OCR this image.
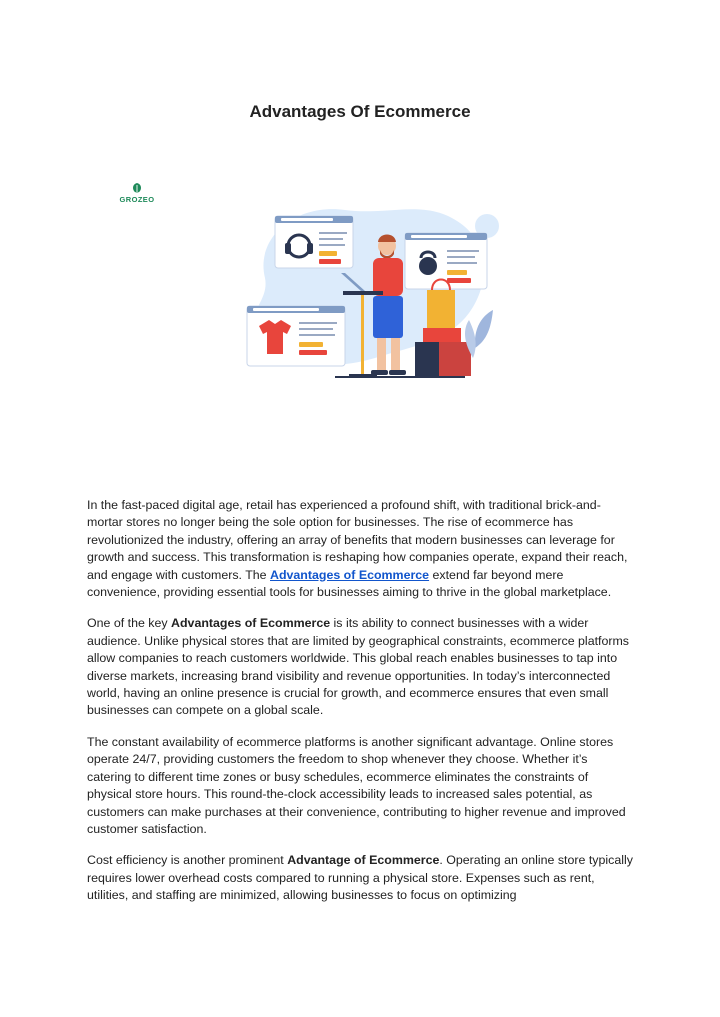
Advantages Of Ecommerce
GROZEO

In the fast-paced digital age, retail has experienced a profound shift, with traditional brick-and-mortar stores no longer being the sole option for businesses. The rise of ecommerce has revolutionized the industry, offering an array of benefits that modern businesses can leverage for growth and success. This transformation is reshaping how companies operate, expand their reach, and engage with customers. The Advantages of Ecommerce extend far beyond mere convenience, providing essential tools for businesses aiming to thrive in the global marketplace.

One of the key Advantages of Ecommerce is its ability to connect businesses with a wider audience. Unlike physical stores that are limited by geographical constraints, ecommerce platforms allow companies to reach customers worldwide. This global reach enables businesses to tap into diverse markets, increasing brand visibility and revenue opportunities. In today’s interconnected world, having an online presence is crucial for growth, and ecommerce ensures that even small businesses can compete on a global scale.

The constant availability of ecommerce platforms is another significant advantage. Online stores operate 24/7, providing customers the freedom to shop whenever they choose. Whether it’s catering to different time zones or busy schedules, ecommerce eliminates the constraints of physical store hours. This round-the-clock accessibility leads to increased sales potential, as customers can make purchases at their convenience, contributing to higher revenue and improved customer satisfaction.

Cost efficiency is another prominent Advantage of Ecommerce. Operating an online store typically requires lower overhead costs compared to running a physical store. Expenses such as rent, utilities, and staffing are minimized, allowing businesses to focus on optimizing
